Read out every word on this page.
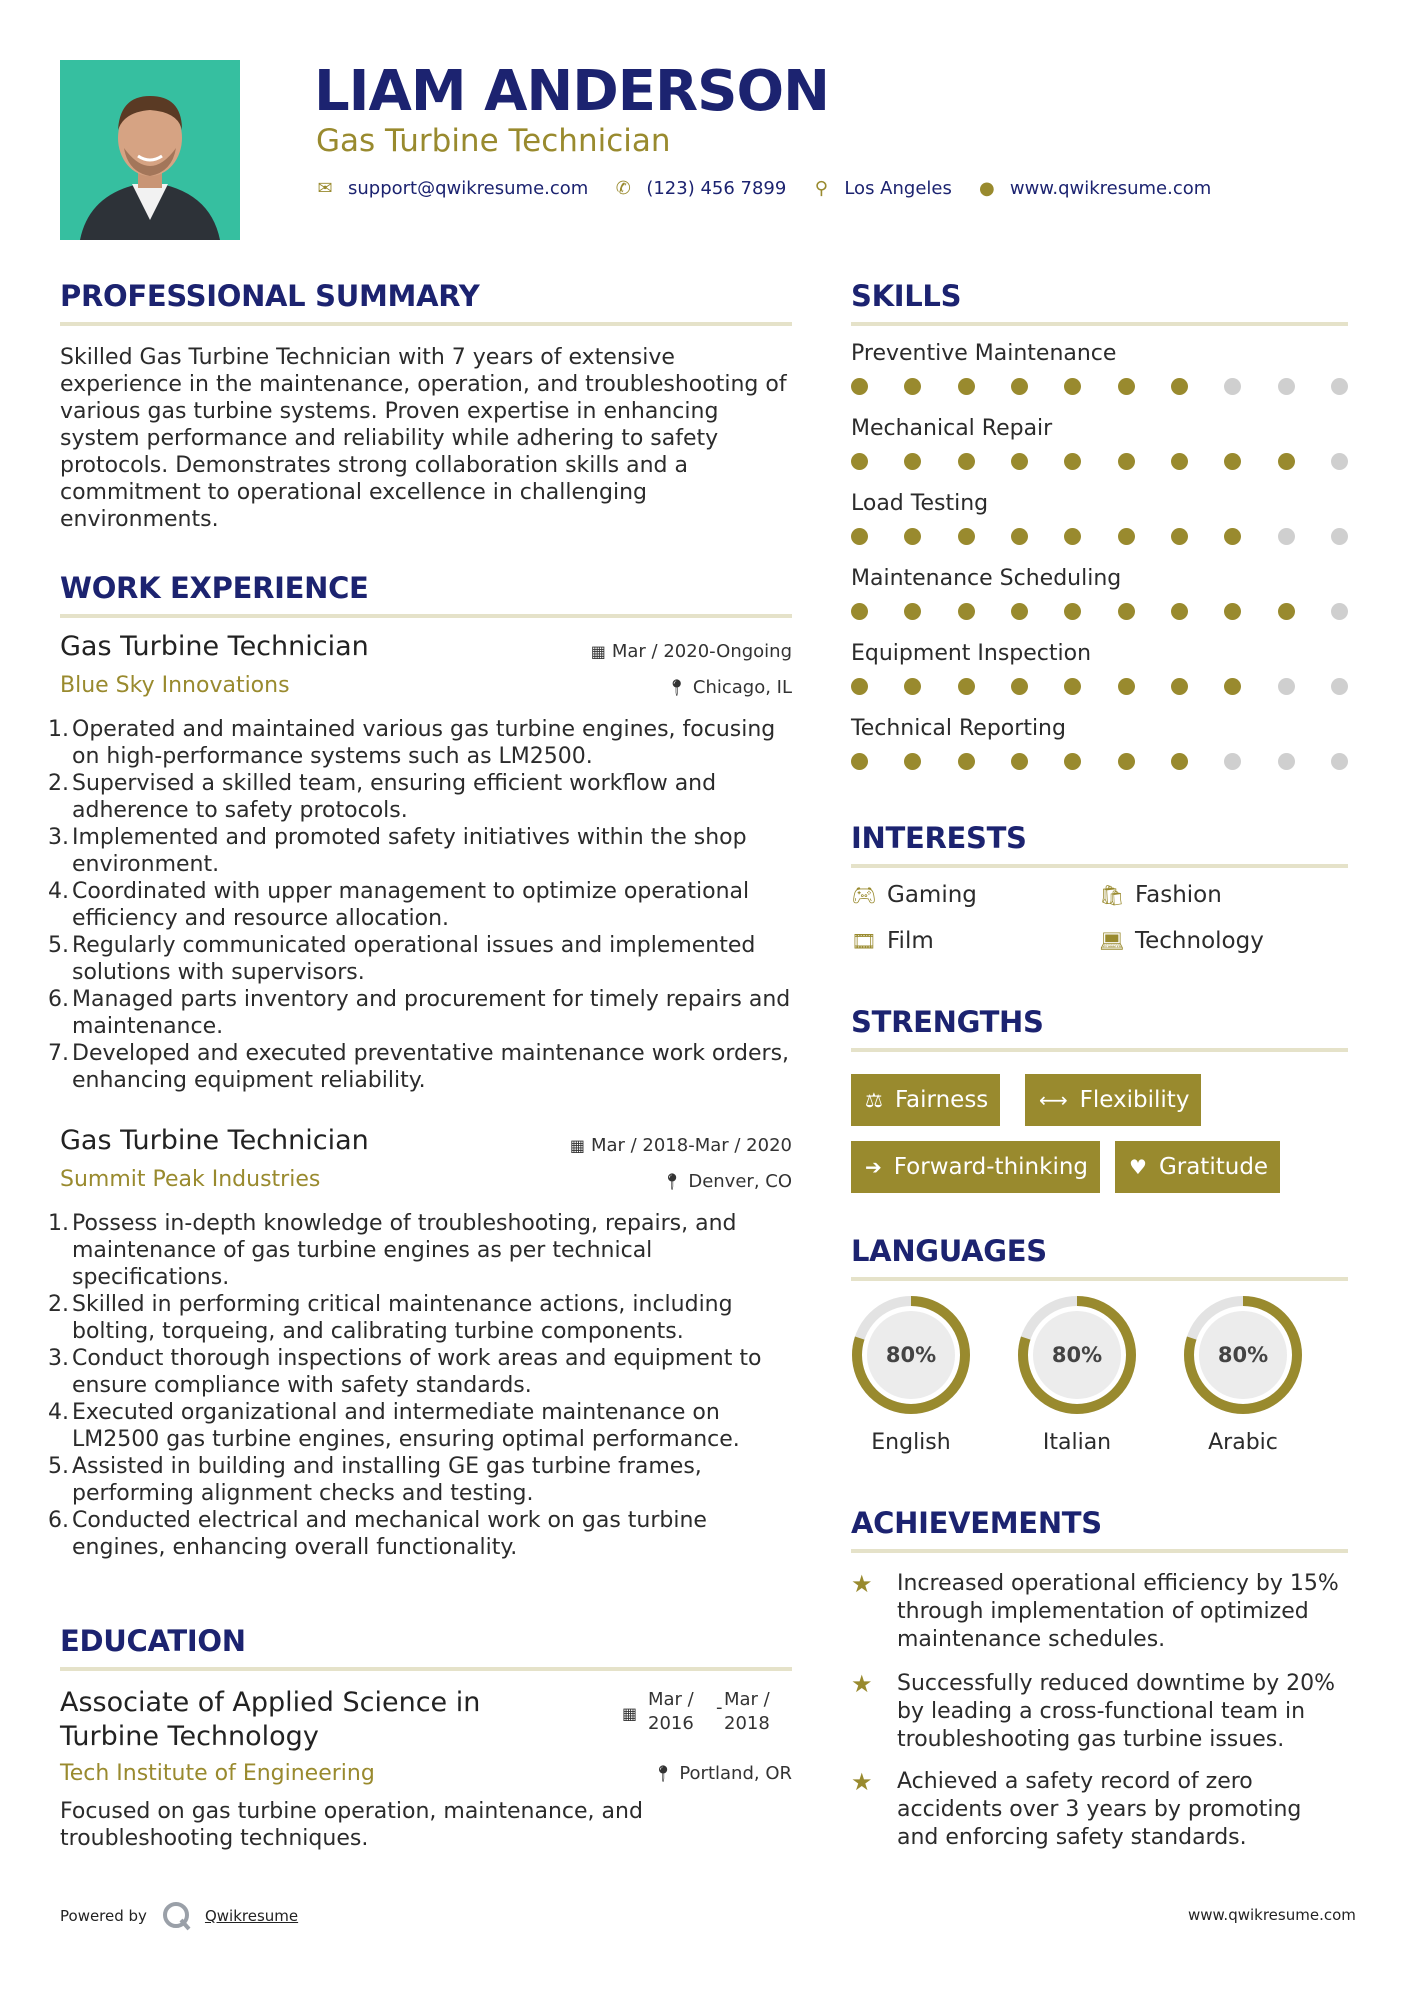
LIAM ANDERSON
Gas Turbine Technician
✉ support@qwikresume.com ✆ (123) 456 7899 ⚲ Los Angeles ● www.qwikresume.com
PROFESSIONAL SUMMARY
Skilled Gas Turbine Technician with 7 years of extensive experience in the maintenance, operation, and troubleshooting of various gas turbine systems. Proven expertise in enhancing system performance and reliability while adhering to safety protocols. Demonstrates strong collaboration skills and a commitment to operational excellence in challenging environments.
WORK EXPERIENCE
Gas Turbine Technician	▦ Mar / 2020-Ongoing
Blue Sky Innovations	📍︎ Chicago, IL
1. Operated and maintained various gas turbine engines, focusing on high-performance systems such as LM2500.
2. Supervised a skilled team, ensuring efficient workflow and adherence to safety protocols.
3. Implemented and promoted safety initiatives within the shop environment.
4. Coordinated with upper management to optimize operational efficiency and resource allocation.
5. Regularly communicated operational issues and implemented solutions with supervisors.
6. Managed parts inventory and procurement for timely repairs and maintenance.
7. Developed and executed preventative maintenance work orders, enhancing equipment reliability.
Gas Turbine Technician	▦ Mar / 2018-Mar / 2020
Summit Peak Industries	📍︎ Denver, CO
1. Possess in-depth knowledge of troubleshooting, repairs, and maintenance of gas turbine engines as per technical specifications.
2. Skilled in performing critical maintenance actions, including bolting, torqueing, and calibrating turbine components.
3. Conduct thorough inspections of work areas and equipment to ensure compliance with safety standards.
4. Executed organizational and intermediate maintenance on LM2500 gas turbine engines, ensuring optimal performance.
5. Assisted in building and installing GE gas turbine frames, performing alignment checks and testing.
6. Conducted electrical and mechanical work on gas turbine engines, enhancing overall functionality.
EDUCATION
Associate of Applied Science in
Turbine Technology
▦
Mar /
2016
- Mar /
2018
Tech Institute of Engineering	📍︎ Portland, OR
Focused on gas turbine operation, maintenance, and troubleshooting techniques.
SKILLS
Preventive Maintenance
Mechanical Repair
Load Testing
Maintenance Scheduling
Equipment Inspection
Technical Reporting
INTERESTS
🎮︎ Gaming	🛍︎ Fashion
🎞︎ Film	💻︎ Technology
STRENGTHS
⚖︎ Fairness	⟷ Flexibility
➔ Forward-thinking ♥ Gratitude
LANGUAGES
80%
English
80%
Italian
80%
Arabic
ACHIEVEMENTS
★	Increased operational efficiency by 15% through implementation of optimized maintenance schedules.
★	Successfully reduced downtime by 20% by leading a cross-functional team in troubleshooting gas turbine issues.
★	Achieved a safety record of zero accidents over 3 years by promoting and enforcing safety standards.
Powered by	Qwikresume	www.qwikresume.com
